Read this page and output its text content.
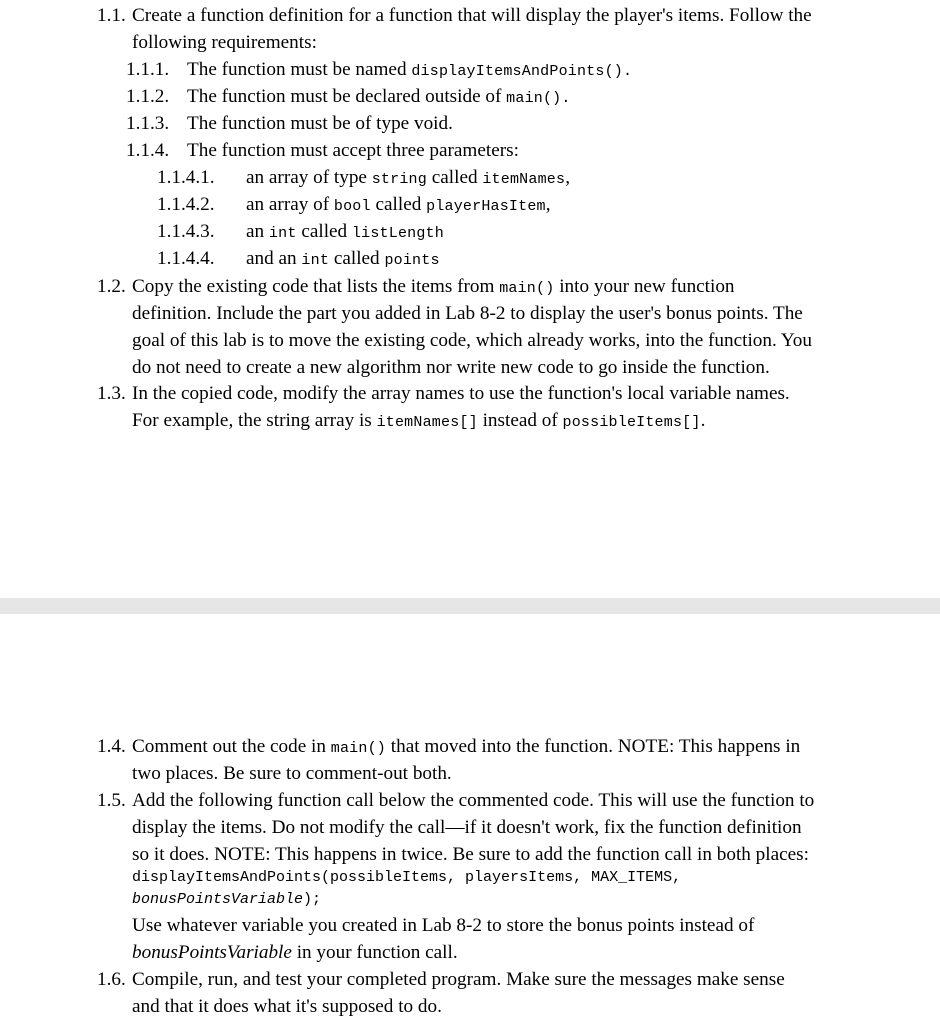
1.1. Create a function definition for a function that will display the player's items. Follow the
following requirements:
1.1.1. The function must be named displayItemsAndPoints().
1.1.2. The function must be declared outside of main().
1.1.3. The function must be of type void.
1.1.4. The function must accept three parameters:
1.1.4.1. an array of type string called itemNames,
1.1.4.2. an array of bool called playerHasItem,
1.1.4.3. an int called listLength
1.1.4.4. and an int called points
1.2. Copy the existing code that lists the items from main() into your new function
definition. Include the part you added in Lab 8-2 to display the user's bonus points. The
goal of this lab is to move the existing code, which already works, into the function. You
do not need to create a new algorithm nor write new code to go inside the function.
1.3. In the copied code, modify the array names to use the function's local variable names.
For example, the string array is itemNames[] instead of possibleItems[].
1.4. Comment out the code in main() that moved into the function. NOTE: This happens in
two places. Be sure to comment-out both.
1.5. Add the following function call below the commented code. This will use the function to
display the items. Do not modify the call—if it doesn't work, fix the function definition
so it does. NOTE: This happens in twice. Be sure to add the function call in both places:
displayItemsAndPoints(possibleItems, playersItems, MAX_ITEMS,
bonusPointsVariable);
Use whatever variable you created in Lab 8-2 to store the bonus points instead of
bonusPointsVariable in your function call.
1.6. Compile, run, and test your completed program. Make sure the messages make sense
and that it does what it's supposed to do.
